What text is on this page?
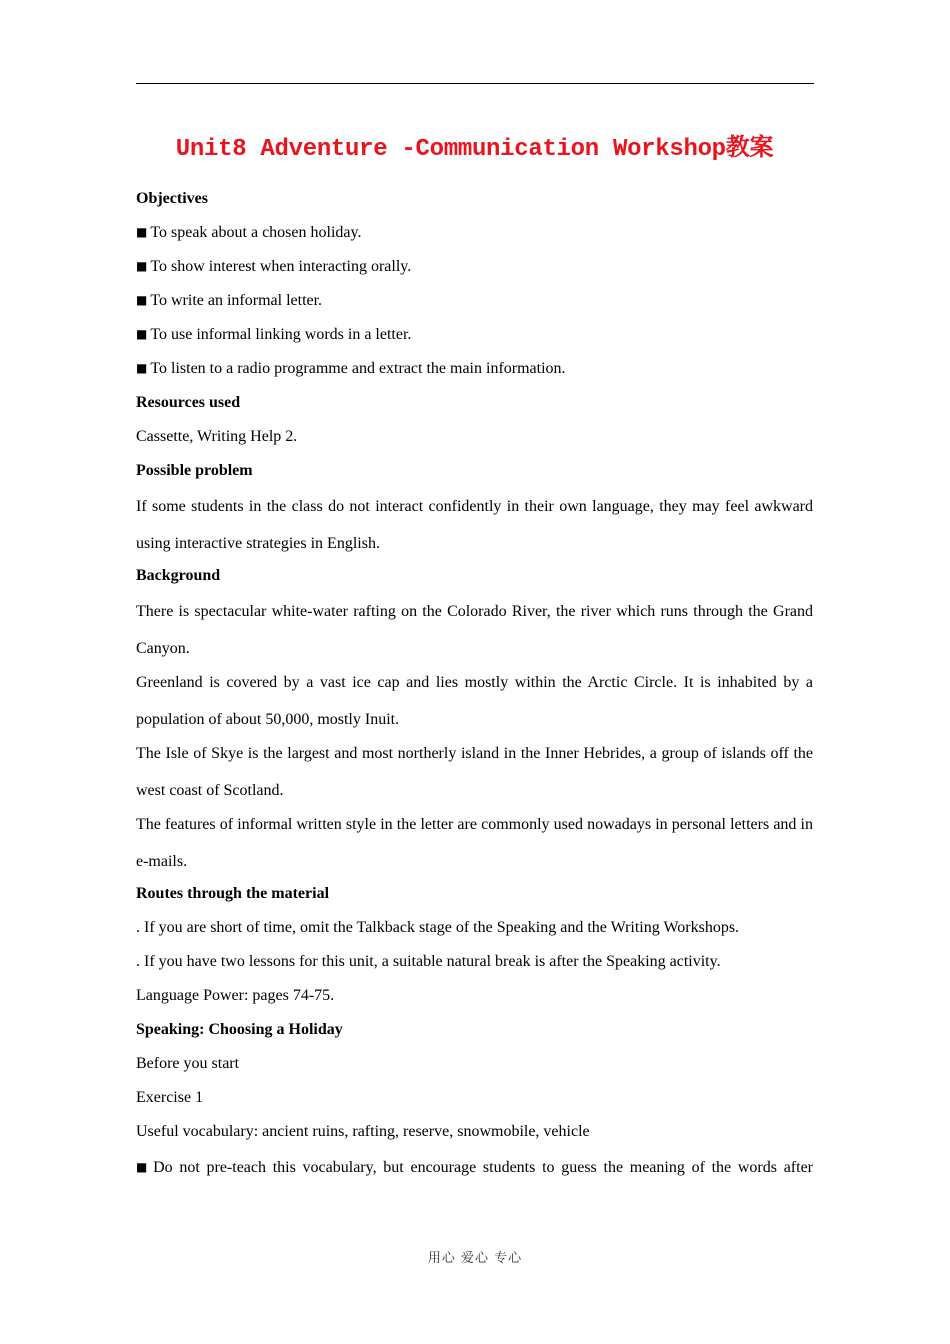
Unit8 Adventure -Communication Workshop教案

Objectives

■ To speak about a chosen holiday.

■ To show interest when interacting orally.

■ To write an informal letter.

■ To use informal linking words in a letter.

■ To listen to a radio programme and extract the main information.

Resources used

Cassette, Writing Help 2.

Possible problem

If some students in the class do not interact confidently in their own language, they may feel awkward using interactive strategies in English.

Background

There is spectacular white-water rafting on the Colorado River, the river which runs through the Grand Canyon.

Greenland is covered by a vast ice cap and lies mostly within the Arctic Circle. It is inhabited by a population of about 50,000, mostly Inuit.

The Isle of Skye is the largest and most northerly island in the Inner Hebrides, a group of islands off the west coast of Scotland.

The features of informal written style in the letter are commonly used nowadays in personal letters and in e-mails.

Routes through the material

. If you are short of time, omit the Talkback stage of the Speaking and the Writing Workshops.

. If you have two lessons for this unit, a suitable natural break is after the Speaking activity.

Language Power: pages 74-75.

Speaking: Choosing a Holiday

Before you start

Exercise 1

Useful vocabulary: ancient ruins, rafting, reserve, snowmobile, vehicle

■ Do not pre-teach this vocabulary, but encourage students to guess the meaning of the words after

用心 爱心 专心
